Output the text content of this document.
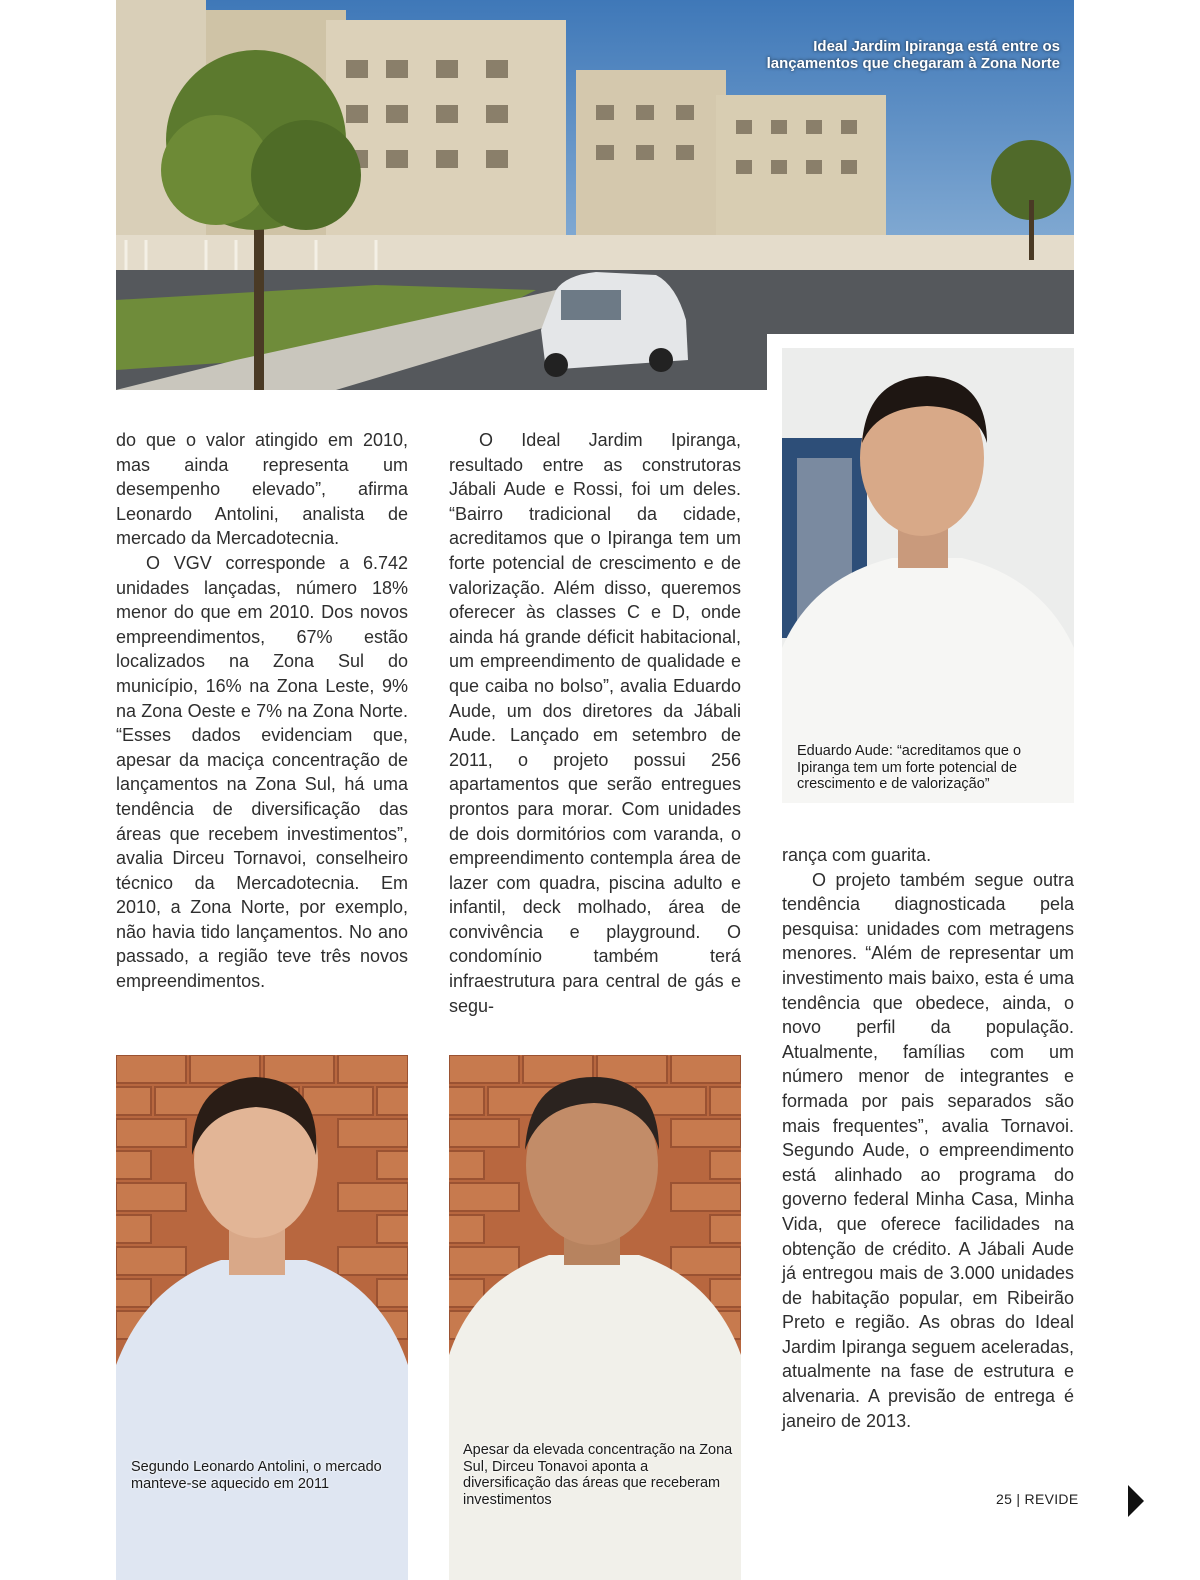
Ideal Jardim Ipiranga está entre os
lançamentos que chegaram à Zona Norte
Eduardo Aude: “acreditamos que o Ipiranga tem um forte potencial de crescimento e de valorização”

do que o valor atingido em 2010, mas ainda representa um desempenho elevado”, afirma Leonardo Antolini, analista de mercado da Mercadotecnia.

O VGV corresponde a 6.742 unidades lançadas, número 18% menor do que em 2010. Dos novos empreendimentos, 67% estão localizados na Zona Sul do município, 16% na Zona Leste, 9% na Zona Oeste e 7% na Zona Norte. “Esses dados evidenciam que, apesar da maciça concentração de lançamentos na Zona Sul, há uma tendência de diversificação das áreas que recebem investimentos”, avalia Dirceu Tornavoi, conselheiro técnico da Mercadotecnia. Em 2010, a Zona Norte, por exemplo, não havia tido lançamentos. No ano passado, a região teve três novos empreendimentos.

O Ideal Jardim Ipiranga, resultado entre as construtoras Jábali Aude e Rossi, foi um deles. “Bairro tradicional da cidade, acreditamos que o Ipiranga tem um forte potencial de crescimento e de valorização. Além disso, queremos oferecer às classes C e D, onde ainda há grande déficit habitacional, um empreendimento de qualidade e que caiba no bolso”, avalia Eduardo Aude, um dos diretores da Jábali Aude. Lançado em setembro de 2011, o projeto possui 256 apartamentos que serão entregues prontos para morar. Com unidades de dois dormitórios com varanda, o empreendimento contempla área de lazer com quadra, piscina adulto e infantil, deck molhado, área de convivência e playground. O condomínio também terá infraestrutura para central de gás e segu-

rança com guarita.

O projeto também segue outra tendência diagnosticada pela pesquisa: unidades com metragens menores. “Além de representar um investimento mais baixo, esta é uma tendência que obedece, ainda, o novo perfil da população. Atualmente, famílias com um número menor de integrantes e formada por pais separados são mais frequentes”, avalia Tornavoi. Segundo Aude, o empreendimento está alinhado ao programa do governo federal Minha Casa, Minha Vida, que oferece facilidades na obtenção de crédito. A Jábali Aude já entregou mais de 3.000 unidades de habitação popular, em Ribeirão Preto e região. As obras do Ideal Jardim Ipiranga seguem aceleradas, atualmente na fase de estrutura e alvenaria. A previsão de entrega é janeiro de 2013.

Segundo Leonardo Antolini, o mercado manteve-se aquecido em 2011
Apesar da elevada concentração na Zona Sul, Dirceu Tonavoi aponta a diversificação das áreas que receberam investimentos	25 | REVIDE
